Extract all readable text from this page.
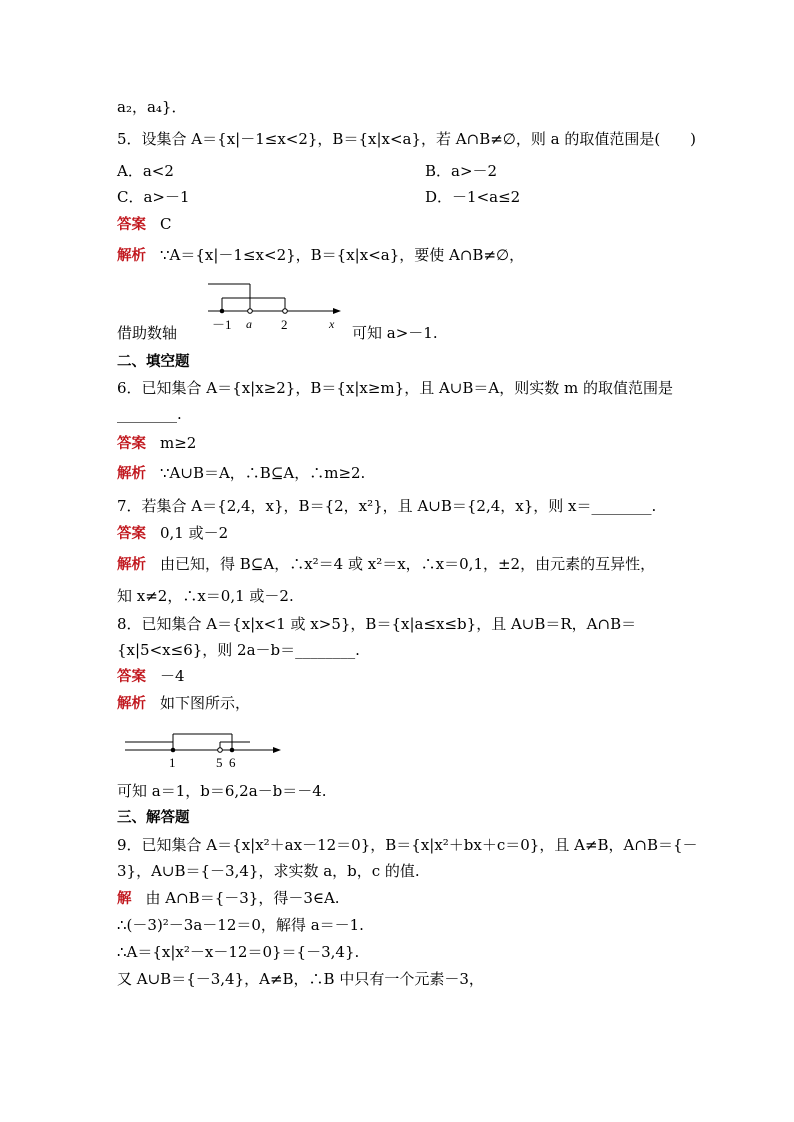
a₂，a₄}．
5．设集合 A＝{x|－1≤x<2}，B＝{x|x<a}，若 A∩B≠∅，则 a 的取值范围是(　　)
A．a<2	B．a>－2
C．a>－1	D．－1<a≤2
答案 C
解析 ∵A＝{x|－1≤x<2}，B＝{x|x<a}，要使 A∩B≠∅，
－1 a 2	x
借助数轴	可知 a>－1.
二、填空题
6．已知集合 A＝{x|x≥2}，B＝{x|x≥m}，且 A∪B＝A，则实数 m 的取值范围是
________.
答案 m≥2
解析 ∵A∪B＝A，∴B⊆A，∴m≥2.
7．若集合 A＝{2,4，x}，B＝{2，x²}，且 A∪B＝{2,4，x}，则 x＝________.
答案 0,1 或－2
解析 由已知，得 B⊆A，∴x²＝4 或 x²＝x，∴x＝0,1，±2，由元素的互异性，
知 x≠2，∴x＝0,1 或－2.
8．已知集合 A＝{x|x<1 或 x>5}，B＝{x|a≤x≤b}，且 A∪B＝R，A∩B＝
{x|5<x≤6}，则 2a－b＝________.
答案 －4
解析 如下图所示，
1	5 6
可知 a＝1，b＝6,2a－b＝－4.
三、解答题
9．已知集合 A＝{x|x²＋ax－12＝0}，B＝{x|x²＋bx＋c＝0}，且 A≠B，A∩B＝{－
3}，A∪B＝{－3,4}，求实数 a，b，c 的值.
解 由 A∩B＝{－3}，得－3∈A.
∴(－3)²－3a－12＝0，解得 a＝－1.
∴A＝{x|x²－x－12＝0}＝{－3,4}.
又 A∪B＝{－3,4}，A≠B，∴B 中只有一个元素－3，
